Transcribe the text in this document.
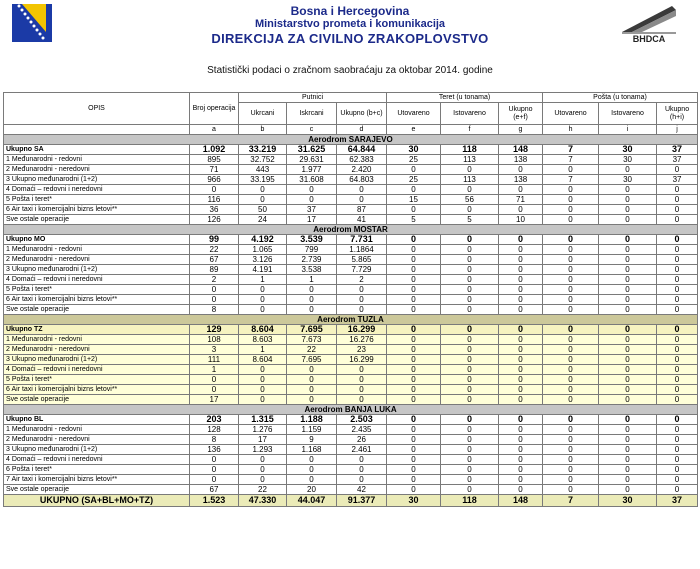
Bosna i Hercegovina
Ministarstvo prometa i komunikacija
DIREKCIJA ZA CIVILNO ZRAKOPLOVSTVO	BHDCA
Statistički podaci o zračnom saobraćaju za oktobar 2014. godine
OPIS	Broj operacija	Putnici			Teret (u tonama)			Pošta (u tonama)		
		Ukrcani	Iskrcani	Ukupno (b+c)	Utovareno	Istovareno	Ukupno (e+f)	Utovareno	Istovareno	Ukupno (h+i)
	a	b	c	d	e	f	g	h	i	j
Aerodrom SARAJEVO										
Ukupno SA	1.092	33.219	31.625	64.844	30	118	148	7	30	37
1 Međunarodni - redovni	895	32.752	29.631	62.383	25	113	138	7	30	37
2 Međunarodni - neredovni	71	443	1.977	2.420	0	0	0	0	0	0
3 Ukupno međunarodni (1+2)	966	33.195	31.608	64.803	25	113	138	7	30	37
4 Domaći – redovni i neredovni	0	0	0	0	0	0	0	0	0	0
5 Pošta i teret*	116	0	0	0	15	56	71	0	0	0
6 Air taxi i komercijalni bizns letovi**	36	50	37	87	0	0	0	0	0	0
Sve ostale operacije	126	24	17	41	5	5	10	0	0	0
Aerodrom MOSTAR										
Ukupno MO	99	4.192	3.539	7.731	0	0	0	0	0	0
1 Međunarodni - redovni	22	1.065	799	1.1864	0	0	0	0	0	0
2 Međunarodni - neredovni	67	3.126	2.739	5.865	0	0	0	0	0	0
3 Ukupno međunarodni (1+2)	89	4.191	3.538	7.729	0	0	0	0	0	0
4 Domaći – redovni i neredovni	2	1	1	2	0	0	0	0	0	0
5 Pošta i teret*	0	0	0	0	0	0	0	0	0	0
6 Air taxi i komercijalni bizns letovi**	0	0	0	0	0	0	0	0	0	0
Sve ostale operacije	8	0	0	0	0	0	0	0	0	0
Aerodrom TUZLA										
Ukupno TZ	129	8.604	7.695	16.299	0	0	0	0	0	0
1 Međunarodni - redovni	108	8.603	7.673	16.276	0	0	0	0	0	0
2 Međunarodni - neredovni	3	1	22	23	0	0	0	0	0	0
3 Ukupno međunarodni (1+2)	111	8.604	7.695	16.299	0	0	0	0	0	0
4 Domaći – redovni i neredovni	1	0	0	0	0	0	0	0	0	0
5 Pošta i teret*	0	0	0	0	0	0	0	0	0	0
6 Air taxi i komercijalni bizns letovi**	0	0	0	0	0	0	0	0	0	0
Sve ostale operacije	17	0	0	0	0	0	0	0	0	0
Aerodrom BANJA LUKA										
Ukupno BL	203	1.315	1.188	2.503	0	0	0	0	0	0
1 Međunarodni - redovni	128	1.276	1.159	2.435	0	0	0	0	0	0
2 Međunarodni - neredovni	8	17	9	26	0	0	0	0	0	0
3 Ukupno međunarodni (1+2)	136	1.293	1.168	2.461	0	0	0	0	0	0
4 Domaći – redovni i neredovni	0	0	0	0	0	0	0	0	0	0
6 Pošta i teret*	0	0	0	0	0	0	0	0	0	0
7 Air taxi i komercijalni bizns letovi**	0	0	0	0	0	0	0	0	0	0
Sve ostale operacije	67	22	20	42	0	0	0	0	0	0
UKUPNO (SA+BL+MO+TZ)	1.523	47.330	44.047	91.377	30	118	148	7	30	37
